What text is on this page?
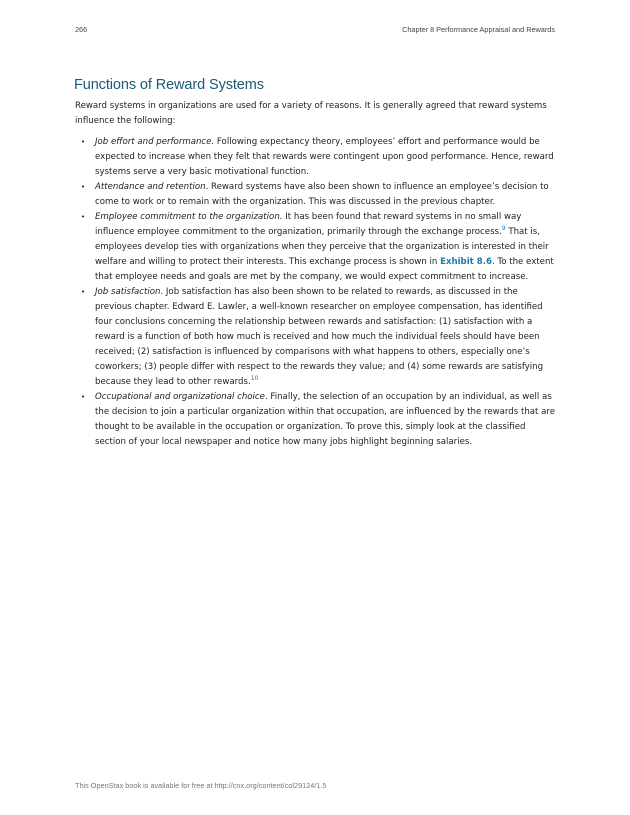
266	Chapter 8 Performance Appraisal and Rewards
Functions of Reward Systems

Reward systems in organizations are used for a variety of reasons. It is generally agreed that reward systems influence the following:

• Job effort and performance. Following expectancy theory, employees’ effort and performance would be expected to increase when they felt that rewards were contingent upon good performance. Hence, reward systems serve a very basic motivational function.
• Attendance and retention. Reward systems have also been shown to influence an employee’s decision to come to work or to remain with the organization. This was discussed in the previous chapter.
• Employee commitment to the organization. It has been found that reward systems in no small way influence employee commitment to the organization, primarily through the exchange process.$^9$ That is, employees develop ties with organizations when they perceive that the organization is interested in their welfare and willing to protect their interests. This exchange process is shown in Exhibit 8.6. To the extent that employee needs and goals are met by the company, we would expect commitment to increase.
• Job satisfaction. Job satisfaction has also been shown to be related to rewards, as discussed in the previous chapter. Edward E. Lawler, a well-known researcher on employee compensation, has identified four conclusions concerning the relationship between rewards and satisfaction: (1) satisfaction with a reward is a function of both how much is received and how much the individual feels should have been received; (2) satisfaction is influenced by comparisons with what happens to others, especially one’s coworkers; (3) people differ with respect to the rewards they value; and (4) some rewards are satisfying because they lead to other rewards.$^{10}$
• Occupational and organizational choice. Finally, the selection of an occupation by an individual, as well as the decision to join a particular organization within that occupation, are influenced by the rewards that are thought to be available in the occupation or organization. To prove this, simply look at the classified section of your local newspaper and notice how many jobs highlight beginning salaries.
This OpenStax book is available for free at http://cnx.org/content/col29124/1.5
